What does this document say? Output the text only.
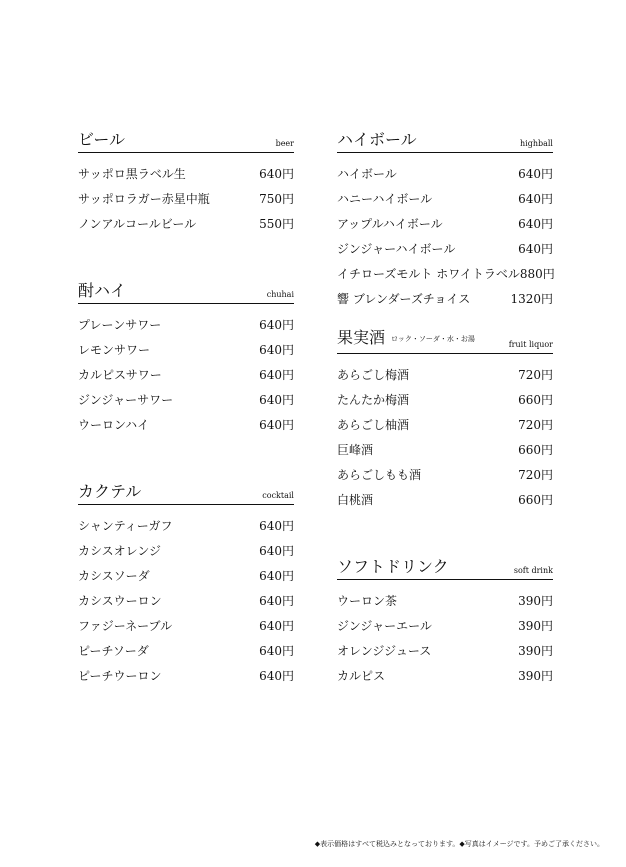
ビール	beer
サッポロ黒ラベル生	640円
サッポロラガー赤星中瓶	750円
ノンアルコールビール	550円
酎ハイ	chuhai
プレーンサワー	640円
レモンサワー	640円
カルピスサワー	640円
ジンジャーサワー	640円
ウーロンハイ	640円
カクテル	cocktail
シャンティーガフ	640円
カシスオレンジ	640円
カシスソーダ	640円
カシスウーロン	640円
ファジーネーブル	640円
ピーチソーダ	640円
ピーチウーロン	640円
ハイボール	highball
ハイボール	640円
ハニーハイボール	640円
アップルハイボール	640円
ジンジャーハイボール	640円
イチローズモルト ホワイトラベル 880円
響 ブレンダーズチョイス	1320円
果実酒 ロック・ソーダ・水・お湯
fruit liquor
あらごし梅酒	720円
たんたか梅酒	660円
あらごし柚酒	720円
巨峰酒	660円
あらごしもも酒	720円
白桃酒	660円
ソフトドリンク	soft drink
ウーロン茶	390円
ジンジャーエール	390円
オレンジジュース	390円
カルピス	390円
◆表示価格はすべて税込みとなっております。◆写真はイメージです。予めご了承ください。
